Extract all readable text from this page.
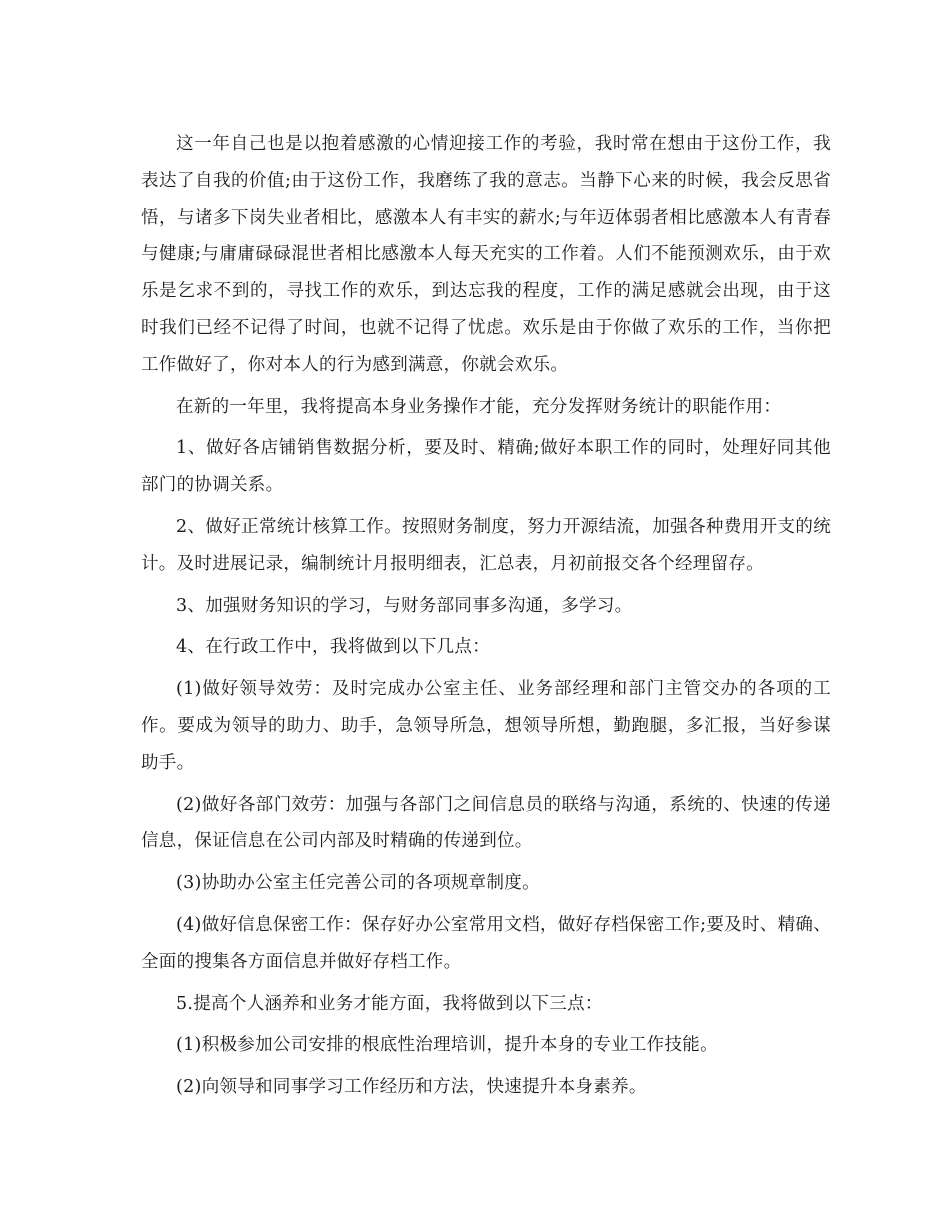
这一年自己也是以抱着感激的心情迎接工作的考验，我时常在想由于这份工作，我表达了自我的价值;由于这份工作，我磨练了我的意志。当静下心来的时候，我会反思省悟，与诸多下岗失业者相比，感激本人有丰实的薪水;与年迈体弱者相比感激本人有青春与健康;与庸庸碌碌混世者相比感激本人每天充实的工作着。人们不能预测欢乐，由于欢乐是乞求不到的，寻找工作的欢乐，到达忘我的程度，工作的满足感就会出现，由于这时我们已经不记得了时间，也就不记得了忧虑。欢乐是由于你做了欢乐的工作，当你把工作做好了，你对本人的行为感到满意，你就会欢乐。

在新的一年里，我将提高本身业务操作才能，充分发挥财务统计的职能作用：

1、做好各店铺销售数据分析，要及时、精确;做好本职工作的同时，处理好同其他部门的协调关系。

2、做好正常统计核算工作。按照财务制度，努力开源结流，加强各种费用开支的统计。及时进展记录，编制统计月报明细表，汇总表，月初前报交各个经理留存。

3、加强财务知识的学习，与财务部同事多沟通，多学习。

4、在行政工作中，我将做到以下几点：

(1)做好领导效劳：及时完成办公室主任、业务部经理和部门主管交办的各项的工作。要成为领导的助力、助手，急领导所急，想领导所想，勤跑腿，多汇报，当好参谋助手。

(2)做好各部门效劳：加强与各部门之间信息员的联络与沟通，系统的、快速的传递信息，保证信息在公司内部及时精确的传递到位。

(3)协助办公室主任完善公司的各项规章制度。

(4)做好信息保密工作：保存好办公室常用文档，做好存档保密工作;要及时、精确、全面的搜集各方面信息并做好存档工作。

5.提高个人涵养和业务才能方面，我将做到以下三点：

(1)积极参加公司安排的根底性治理培训，提升本身的专业工作技能。

(2)向领导和同事学习工作经历和方法，快速提升本身素养。
